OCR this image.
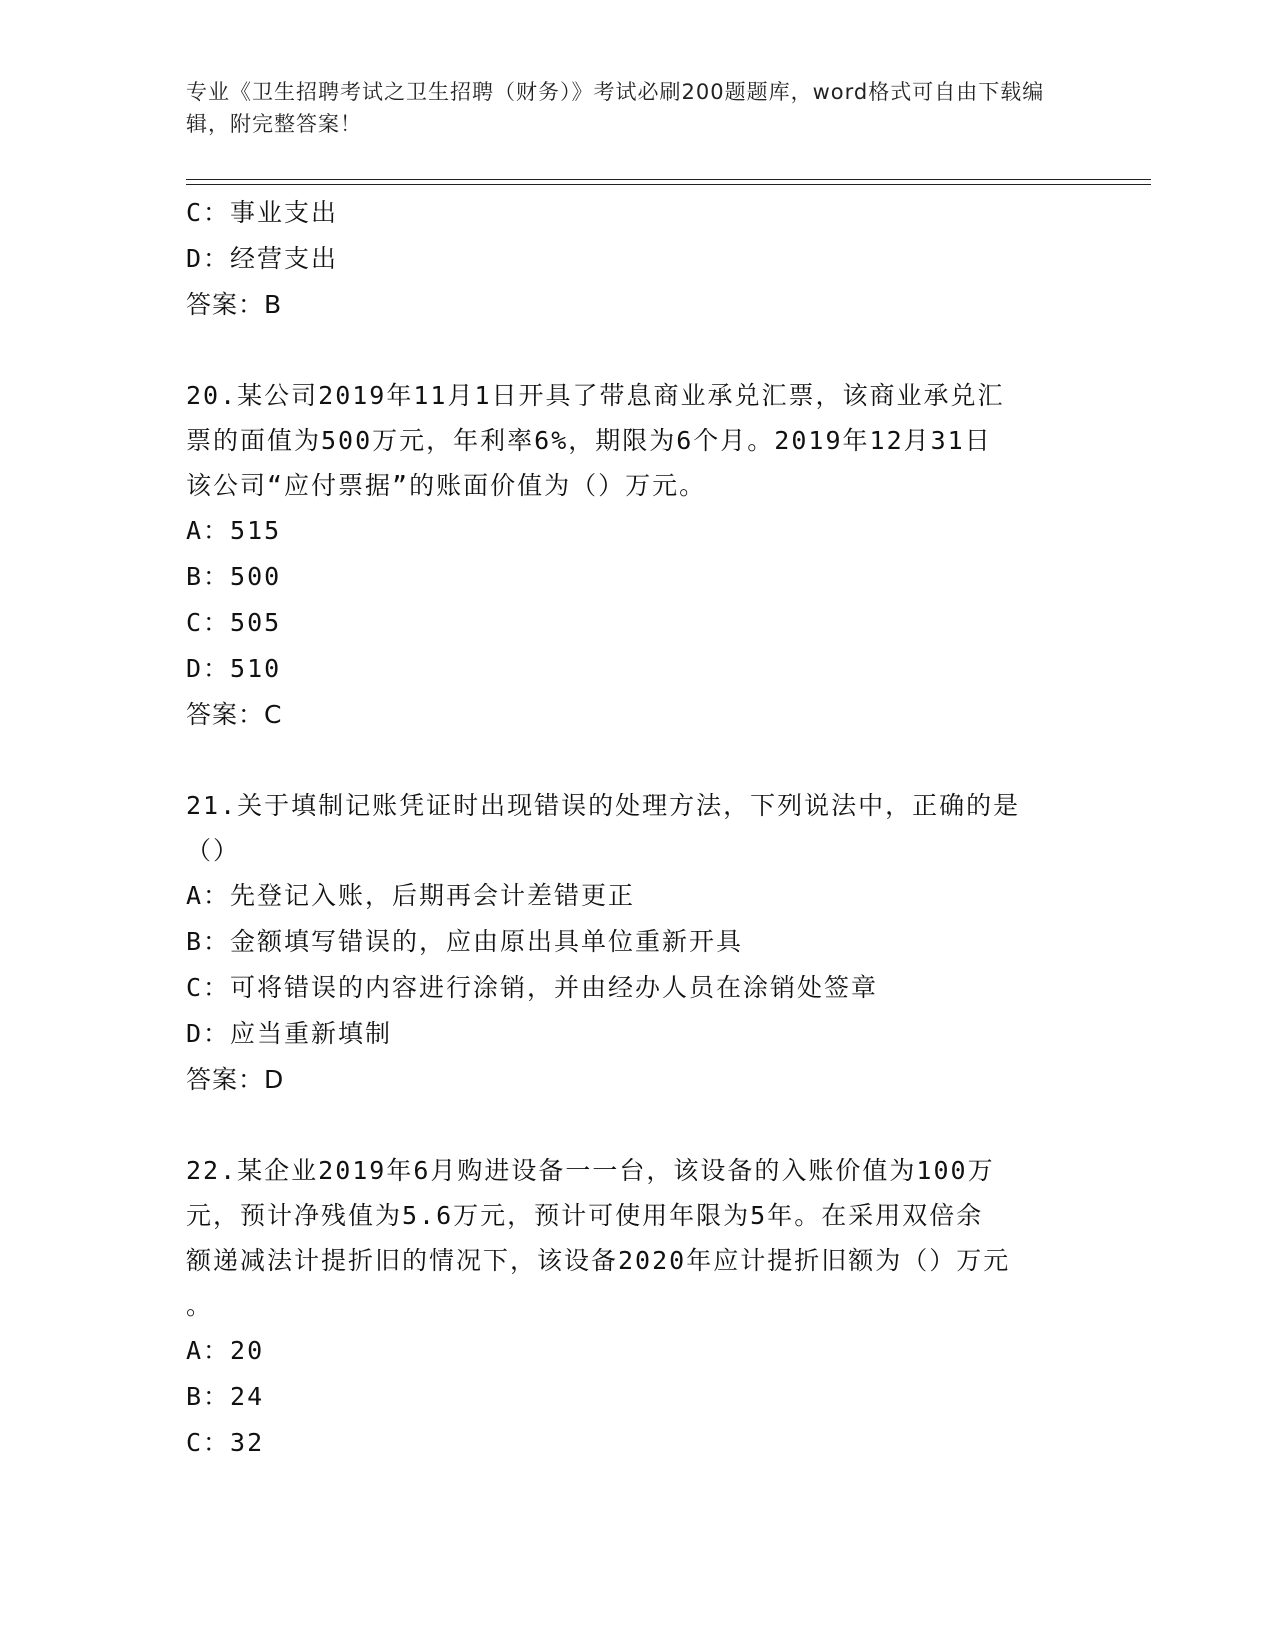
专业《卫生招聘考试之卫生招聘（财务）》考试必刷200题题库，word格式可自由下载编辑，附完整答案！
C：事业支出
D：经营支出
答案：B
20.某公司2019年11月1日开具了带息商业承兑汇票，该商业承兑汇
票的面值为500万元，年利率6%，期限为6个月。2019年12月31日
该公司“应付票据”的账面价值为（）万元。
A：515
B：500
C：505
D：510
答案：C
21.关于填制记账凭证时出现错误的处理方法，下列说法中，正确的是
（）
A：先登记入账，后期再会计差错更正
B：金额填写错误的，应由原出具单位重新开具
C：可将错误的内容进行涂销，并由经办人员在涂销处签章
D：应当重新填制
答案：D
22.某企业2019年6月购进设备一一台，该设备的入账价值为100万
元，预计净残值为5.6万元，预计可使用年限为5年。在采用双倍余
额递减法计提折旧的情况下，该设备2020年应计提折旧额为（）万元
。
A：20
B：24
C：32
